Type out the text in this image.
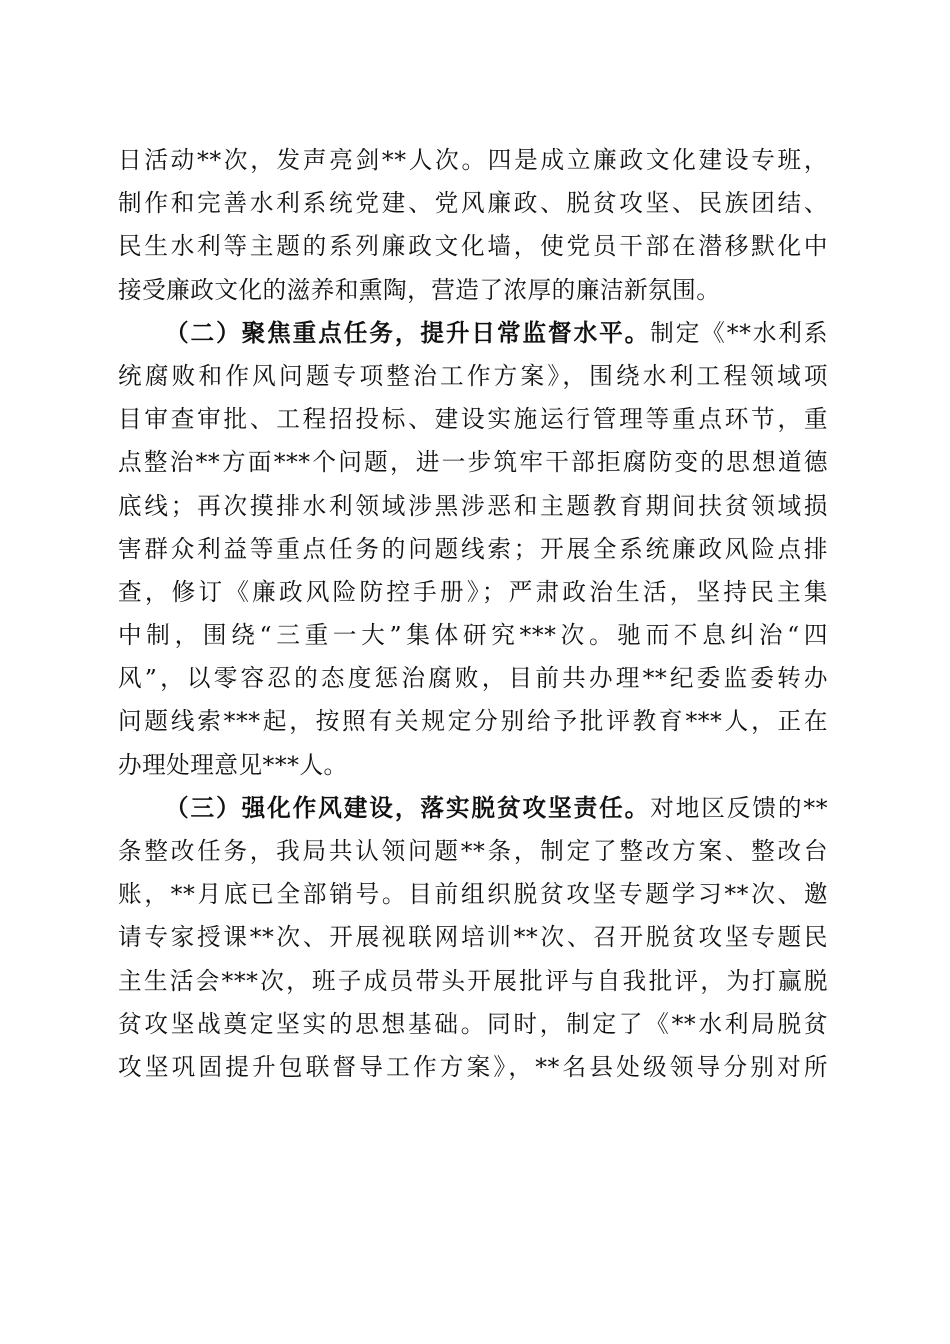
日活动**次，发声亮剑**人次。四是成立廉政文化建设专班，
制作和完善水利系统党建、党风廉政、脱贫攻坚、民族团结、
民生水利等主题的系列廉政文化墙，使党员干部在潜移默化中
接受廉政文化的滋养和熏陶，营造了浓厚的廉洁新氛围。
（二）聚焦重点任务，提升日常监督水平。制定《**水利系
统腐败和作风问题专项整治工作方案》，围绕水利工程领域项
目审查审批、工程招投标、建设实施运行管理等重点环节，重
点整治**方面***个问题，进一步筑牢干部拒腐防变的思想道德
底线；再次摸排水利领域涉黑涉恶和主题教育期间扶贫领域损
害群众利益等重点任务的问题线索；开展全系统廉政风险点排
查，修订《廉政风险防控手册》；严肃政治生活，坚持民主集
中制，围绕“三重一大”集体研究***次。驰而不息纠治“四
风”，以零容忍的态度惩治腐败，目前共办理**纪委监委转办
问题线索***起，按照有关规定分别给予批评教育***人，正在
办理处理意见***人。
（三）强化作风建设，落实脱贫攻坚责任。对地区反馈的**
条整改任务，我局共认领问题**条，制定了整改方案、整改台
账，**月底已全部销号。目前组织脱贫攻坚专题学习**次、邀
请专家授课**次、开展视联网培训**次、召开脱贫攻坚专题民
主生活会***次，班子成员带头开展批评与自我批评，为打赢脱
贫攻坚战奠定坚实的思想基础。同时，制定了《**水利局脱贫
攻坚巩固提升包联督导工作方案》，**名县处级领导分别对所
